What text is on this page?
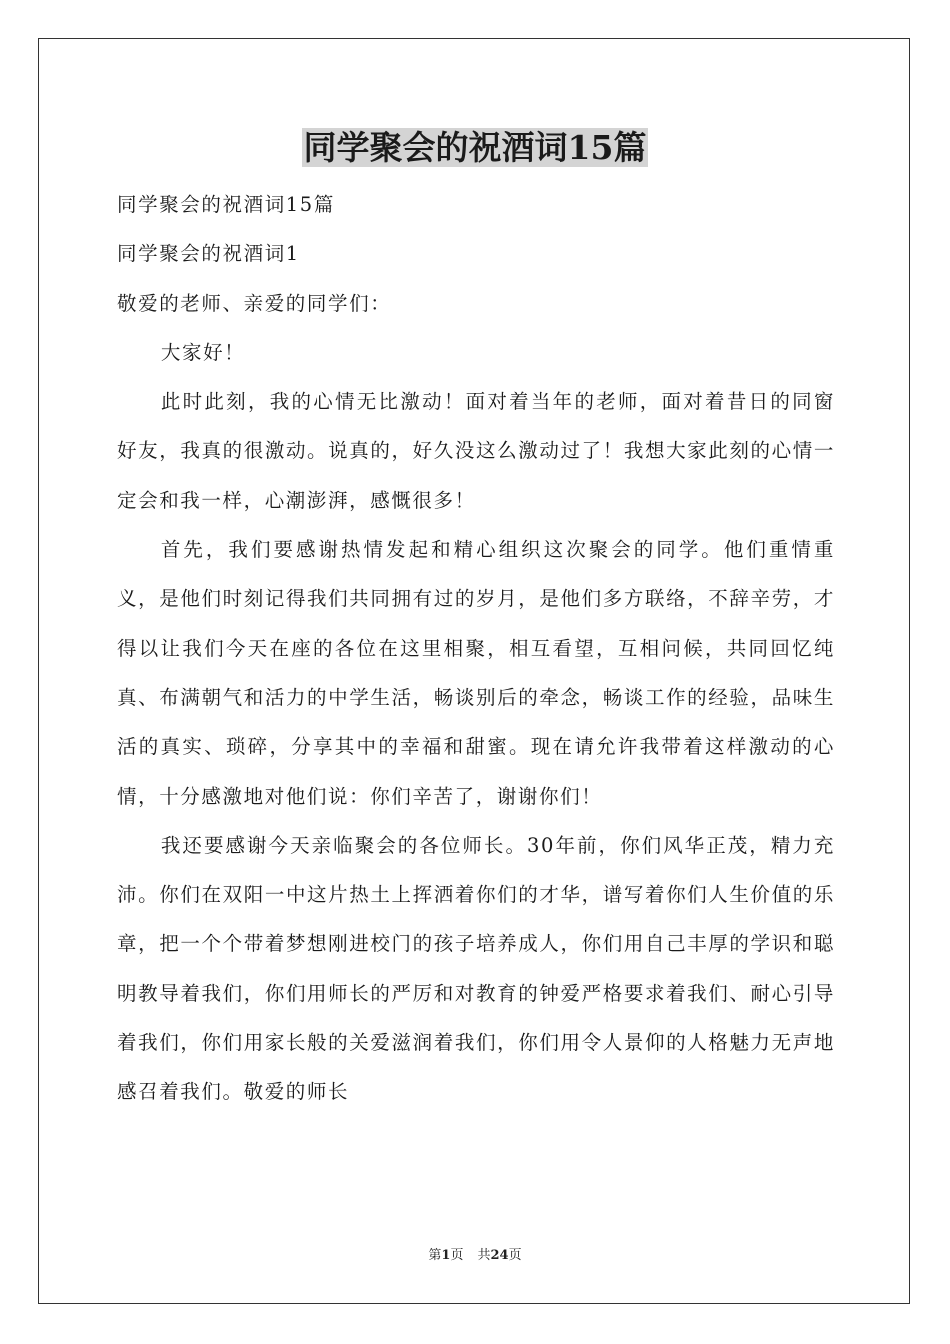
同学聚会的祝酒词15篇

同学聚会的祝酒词15篇

同学聚会的祝酒词1

敬爱的老师、亲爱的同学们：

大家好！

此时此刻，我的心情无比激动！面对着当年的老师，面对着昔日的同窗好友，我真的很激动。说真的，好久没这么激动过了！我想大家此刻的心情一定会和我一样，心潮澎湃，感慨很多！

首先，我们要感谢热情发起和精心组织这次聚会的同学。他们重情重义，是他们时刻记得我们共同拥有过的岁月，是他们多方联络，不辞辛劳，才得以让我们今天在座的各位在这里相聚，相互看望，互相问候，共同回忆纯真、布满朝气和活力的中学生活，畅谈别后的牵念，畅谈工作的经验，品味生活的真实、琐碎，分享其中的幸福和甜蜜。现在请允许我带着这样激动的心情，十分感激地对他们说：你们辛苦了，谢谢你们！

我还要感谢今天亲临聚会的各位师长。30年前，你们风华正茂，精力充沛。你们在双阳一中这片热土上挥洒着你们的才华，谱写着你们人生价值的乐章，把一个个带着梦想刚进校门的孩子培养成人，你们用自己丰厚的学识和聪明教导着我们，你们用师长的严厉和对教育的钟爱严格要求着我们、耐心引导着我们，你们用家长般的关爱滋润着我们，你们用令人景仰的人格魅力无声地感召着我们。敬爱的师长

第1页 共24页
